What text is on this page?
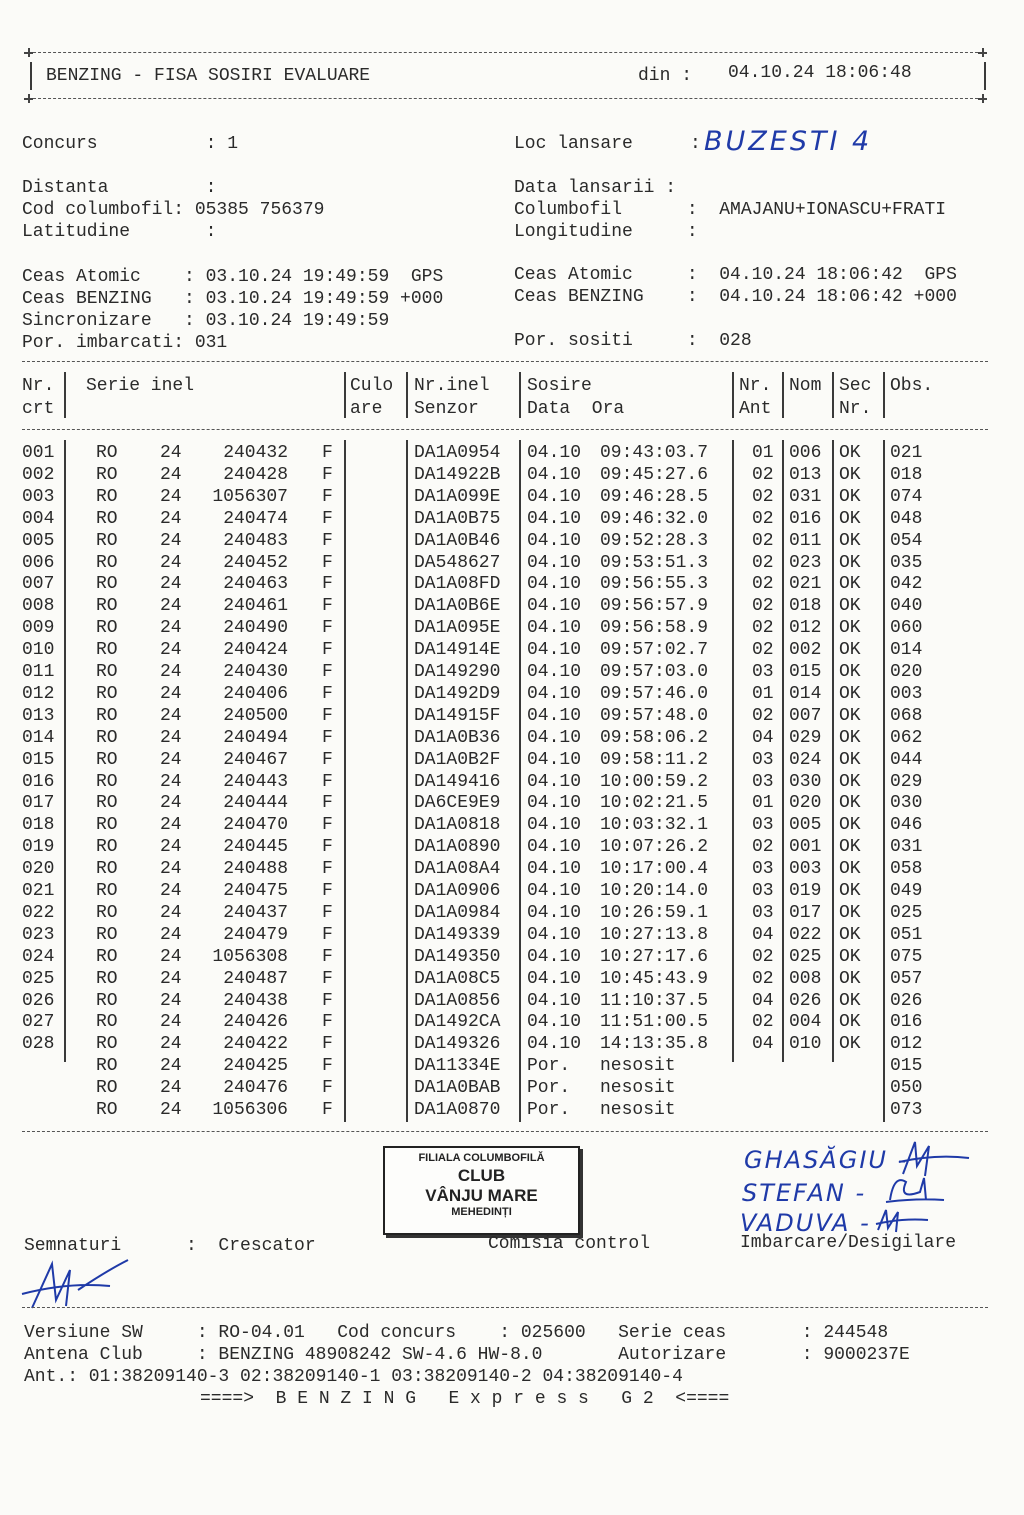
BENZING - FISA SOSIRI EVALUARE	din : 04.10.24 18:06:48
Concurs          : 1
Distanta         :
Cod columbofil: 05385 756379
Latitudine       :
Loc lansare	: BUZESTI 4
Data lansarii :
Columbofil      :  AMAJANU+IONASCU+FRATI
Longitudine     :
Ceas Atomic    : 03.10.24 19:49:59  GPS
Ceas BENZING   : 03.10.24 19:49:59 +000
Sincronizare   : 03.10.24 19:49:59
Por. imbarcati: 031
Ceas Atomic     :  04.10.24 18:06:42  GPS
Ceas BENZING    :  04.10.24 18:06:42 +000
Por. sositi     :  028
Nr.
crt
Serie inel	Culo
are
Nr.inel
Senzor
Sosire
Data  Ora
Nr.
Ant
Nom Sec
Nr.
Obs.
001	RO	24	240432 F	DA1A0954	04.10	09:43:03.7	01 006 OK	021
002	RO	24	240428 F	DA14922B	04.10	09:45:27.6	02 013 OK	018
003	RO	24	1056307 F	DA1A099E	04.10	09:46:28.5	02 031 OK	074
004	RO	24	240474 F	DA1A0B75	04.10	09:46:32.0	02 016 OK	048
005	RO	24	240483 F	DA1A0B46	04.10	09:52:28.3	02 011 OK	054
006	RO	24	240452 F	DA548627	04.10	09:53:51.3	02 023 OK	035
007	RO	24	240463 F	DA1A08FD	04.10	09:56:55.3	02 021 OK	042
008	RO	24	240461 F	DA1A0B6E	04.10	09:56:57.9	02 018 OK	040
009	RO	24	240490 F	DA1A095E	04.10	09:56:58.9	02 012 OK	060
010	RO	24	240424 F	DA14914E	04.10	09:57:02.7	02 002 OK	014
011	RO	24	240430 F	DA149290	04.10	09:57:03.0	03 015 OK	020
012	RO	24	240406 F	DA1492D9	04.10	09:57:46.0	01 014 OK	003
013	RO	24	240500 F	DA14915F	04.10	09:57:48.0	02 007 OK	068
014	RO	24	240494 F	DA1A0B36	04.10	09:58:06.2	04 029 OK	062
015	RO	24	240467 F	DA1A0B2F	04.10	09:58:11.2	03 024 OK	044
016	RO	24	240443 F	DA149416	04.10	10:00:59.2	03 030 OK	029
017	RO	24	240444 F	DA6CE9E9	04.10	10:02:21.5	01 020 OK	030
018	RO	24	240470 F	DA1A0818	04.10	10:03:32.1	03 005 OK	046
019	RO	24	240445 F	DA1A0890	04.10	10:07:26.2	02 001 OK	031
020	RO	24	240488 F	DA1A08A4	04.10	10:17:00.4	03 003 OK	058
021	RO	24	240475 F	DA1A0906	04.10	10:20:14.0	03 019 OK	049
022	RO	24	240437 F	DA1A0984	04.10	10:26:59.1	03 017 OK	025
023	RO	24	240479 F	DA149339	04.10	10:27:13.8	04 022 OK	051
024	RO	24	1056308 F	DA149350	04.10	10:27:17.6	02 025 OK	075
025	RO	24	240487 F	DA1A08C5	04.10	10:45:43.9	02 008 OK	057
026	RO	24	240438 F	DA1A0856	04.10	11:10:37.5	04 026 OK	026
027	RO	24	240426 F	DA1492CA	04.10	11:51:00.5	02 004 OK	016
028	RO	24	240422 F	DA149326	04.10	14:13:35.8	04 010 OK	012
RO	24	240425 F	DA11334E	Por.	nesosit	015
RO	24	240476 F	DA1A0BAB	Por.	nesosit	050
RO	24	1056306 F	DA1A0870	Por.	nesosit	073
FILIALA COLUMBOFILĂ
CLUB
VÂNJU MARE
MEHEDINȚI
GHASĂGIU -
STEFAN -
VADUVA -
Semnaturi      :  Crescator	Comisia control	Imbarcare/Desigilare
Versiune SW     : RO-04.01   Cod concurs    : 025600   Serie ceas       : 244548
Antena Club     : BENZING 48908242 SW-4.6 HW-8.0       Autorizare       : 9000237E
Ant.: 01:38209140-3 02:38209140-1 03:38209140-2 04:38209140-4
====>  B E N Z I N G   E x p r e s s   G 2  <====
